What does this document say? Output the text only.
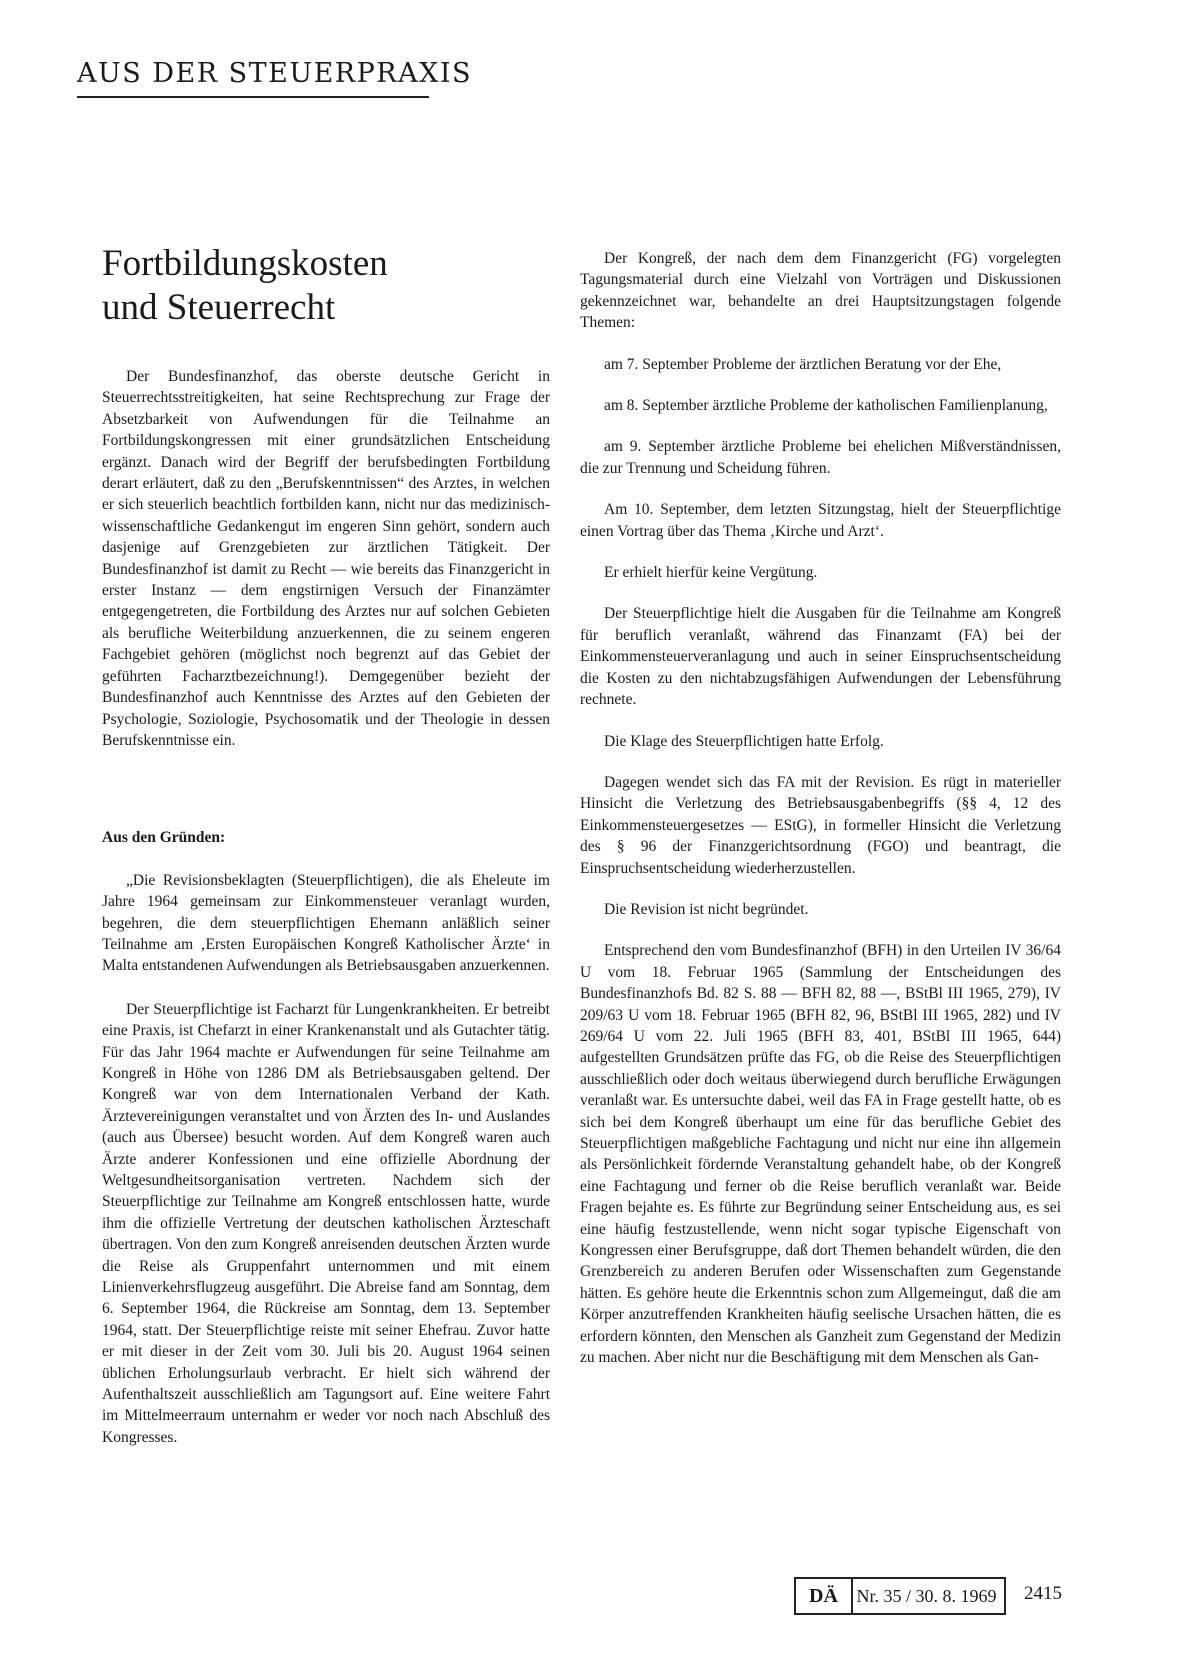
AUS DER STEUERPRAXIS
Fortbildungskosten
und Steuerrecht

Der Bundesfinanzhof, das oberste deutsche Gericht in Steuerrechtsstreitigkeiten, hat seine Rechtsprechung zur Frage der Absetzbarkeit von Aufwendungen für die Teilnahme an Fortbildungskongressen mit einer grundsätzlichen Entscheidung ergänzt. Danach wird der Begriff der berufsbedingten Fortbildung derart erläutert, daß zu den „Berufskenntnissen“ des Arztes, in welchen er sich steuerlich beachtlich fortbilden kann, nicht nur das medizinisch-wissenschaftliche Gedankengut im engeren Sinn gehört, sondern auch dasjenige auf Grenzgebieten zur ärztlichen Tätigkeit. Der Bundesfinanzhof ist damit zu Recht — wie bereits das Finanzgericht in erster Instanz — dem engstirnigen Versuch der Finanzämter entgegengetreten, die Fortbildung des Arztes nur auf solchen Gebieten als berufliche Weiterbildung anzuerkennen, die zu seinem engeren Fachgebiet gehören (möglichst noch begrenzt auf das Gebiet der geführten Facharztbezeichnung!). Demgegenüber bezieht der Bundesfinanzhof auch Kenntnisse des Arztes auf den Gebieten der Psychologie, Soziologie, Psychosomatik und der Theologie in dessen Berufskenntnisse ein.

Aus den Gründen:

„Die Revisionsbeklagten (Steuerpflichtigen), die als Eheleute im Jahre 1964 gemeinsam zur Einkommensteuer veranlagt wurden, begehren, die dem steuerpflichtigen Ehemann anläßlich seiner Teilnahme am ‚Ersten Europäischen Kongreß Katholischer Ärzte‘ in Malta entstandenen Aufwendungen als Betriebsausgaben anzuerkennen.

Der Steuerpflichtige ist Facharzt für Lungenkrankheiten. Er betreibt eine Praxis, ist Chefarzt in einer Krankenanstalt und als Gutachter tätig. Für das Jahr 1964 machte er Aufwendungen für seine Teilnahme am Kongreß in Höhe von 1286 DM als Betriebsausgaben geltend. Der Kongreß war von dem Internationalen Verband der Kath. Ärztevereinigungen veranstaltet und von Ärzten des In- und Auslandes (auch aus Übersee) besucht worden. Auf dem Kongreß waren auch Ärzte anderer Konfessionen und eine offizielle Abordnung der Weltgesundheitsorganisation vertreten. Nachdem sich der Steuerpflichtige zur Teilnahme am Kongreß entschlossen hatte, wurde ihm die offizielle Vertretung der deutschen katholischen Ärzteschaft übertragen. Von den zum Kongreß anreisenden deutschen Ärzten wurde die Reise als Gruppenfahrt unternommen und mit einem Linienverkehrsflugzeug ausgeführt. Die Abreise fand am Sonntag, dem 6. September 1964, die Rückreise am Sonntag, dem 13. September 1964, statt. Der Steuerpflichtige reiste mit seiner Ehefrau. Zuvor hatte er mit dieser in der Zeit vom 30. Juli bis 20. August 1964 seinen üblichen Erholungsurlaub verbracht. Er hielt sich während der Aufenthaltszeit ausschließlich am Tagungsort auf. Eine weitere Fahrt im Mittelmeerraum unternahm er weder vor noch nach Abschluß des Kongresses.

Der Kongreß, der nach dem dem Finanzgericht (FG) vorgelegten Tagungsmaterial durch eine Vielzahl von Vorträgen und Diskussionen gekennzeichnet war, behandelte an drei Hauptsitzungstagen folgende Themen:

am 7. September Probleme der ärztlichen Beratung vor der Ehe,

am 8. September ärztliche Probleme der katholischen Familienplanung,

am 9. September ärztliche Probleme bei ehelichen Mißverständnissen, die zur Trennung und Scheidung führen.

Am 10. September, dem letzten Sitzungstag, hielt der Steuerpflichtige einen Vortrag über das Thema ‚Kirche und Arzt‘.

Er erhielt hierfür keine Vergütung.

Der Steuerpflichtige hielt die Ausgaben für die Teilnahme am Kongreß für beruflich veranlaßt, während das Finanzamt (FA) bei der Einkommensteuerveranlagung und auch in seiner Einspruchsentscheidung die Kosten zu den nichtabzugsfähigen Aufwendungen der Lebensführung rechnete.

Die Klage des Steuerpflichtigen hatte Erfolg.

Dagegen wendet sich das FA mit der Revision. Es rügt in materieller Hinsicht die Verletzung des Betriebsausgabenbegriffs (§§ 4, 12 des Einkommensteuergesetzes — EStG), in formeller Hinsicht die Verletzung des § 96 der Finanzgerichtsordnung (FGO) und beantragt, die Einspruchsentscheidung wiederherzustellen.

Die Revision ist nicht begründet.

Entsprechend den vom Bundesfinanzhof (BFH) in den Urteilen IV 36/64 U vom 18. Februar 1965 (Sammlung der Entscheidungen des Bundesfinanzhofs Bd. 82 S. 88 — BFH 82, 88 —, BStBl III 1965, 279), IV 209/63 U vom 18. Februar 1965 (BFH 82, 96, BStBl III 1965, 282) und IV 269/64 U vom 22. Juli 1965 (BFH 83, 401, BStBl III 1965, 644) aufgestellten Grundsätzen prüfte das FG, ob die Reise des Steuerpflichtigen ausschließlich oder doch weitaus überwiegend durch berufliche Erwägungen veranlaßt war. Es untersuchte dabei, weil das FA in Frage gestellt hatte, ob es sich bei dem Kongreß überhaupt um eine für das berufliche Gebiet des Steuerpflichtigen maßgebliche Fachtagung und nicht nur eine ihn allgemein als Persönlichkeit fördernde Veranstaltung gehandelt habe, ob der Kongreß eine Fachtagung und ferner ob die Reise beruflich veranlaßt war. Beide Fragen bejahte es. Es führte zur Begründung seiner Entscheidung aus, es sei eine häufig festzustellende, wenn nicht sogar typische Eigenschaft von Kongressen einer Berufsgruppe, daß dort Themen behandelt würden, die den Grenzbereich zu anderen Berufen oder Wissenschaften zum Gegenstande hätten. Es gehöre heute die Erkenntnis schon zum Allgemeingut, daß die am Körper anzutreffenden Krankheiten häufig seelische Ursachen hätten, die es erfordern könnten, den Menschen als Ganzheit zum Gegenstand der Medizin zu machen. Aber nicht nur die Beschäftigung mit dem Menschen als Gan-

DÄ	Nr. 35 / 30. 8. 1969	2415
